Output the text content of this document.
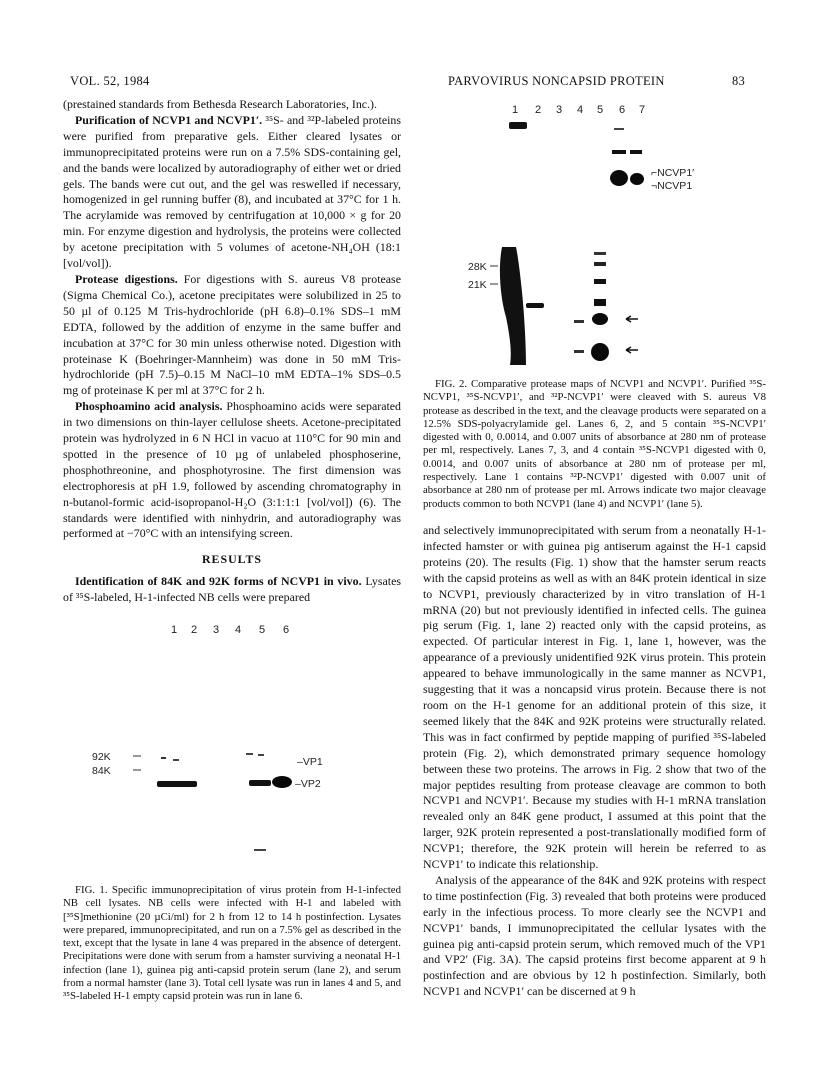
VOL. 52, 1984	PARVOVIRUS NONCAPSID PROTEIN	83

(prestained standards from Bethesda Research Laboratories, Inc.).

Purification of NCVP1 and NCVP1′. ³⁵S- and ³²P-labeled proteins were purified from preparative gels. Either cleared lysates or immunoprecipitated proteins were run on a 7.5% SDS-containing gel, and the bands were localized by autoradiography of either wet or dried gels. The bands were cut out, and the gel was reswelled if necessary, homogenized in gel running buffer (8), and incubated at 37°C for 1 h. The acrylamide was removed by centrifugation at 10,000 × g for 20 min. For enzyme digestion and hydrolysis, the proteins were collected by acetone precipitation with 5 volumes of acetone-NH₄OH (18:1 [vol/vol]).

Protease digestions. For digestions with S. aureus V8 protease (Sigma Chemical Co.), acetone precipitates were solubilized in 25 to 50 µl of 0.125 M Tris-hydrochloride (pH 6.8)–0.1% SDS–1 mM EDTA, followed by the addition of enzyme in the same buffer and incubation at 37°C for 30 min unless otherwise noted. Digestion with proteinase K (Boehringer-Mannheim) was done in 50 mM Tris-hydrochloride (pH 7.5)–0.15 M NaCl–10 mM EDTA–1% SDS–0.5 mg of proteinase K per ml at 37°C for 2 h.

Phosphoamino acid analysis. Phosphoamino acids were separated in two dimensions on thin-layer cellulose sheets. Acetone-precipitated protein was hydrolyzed in 6 N HCl in vacuo at 110°C for 90 min and spotted in the presence of 10 µg of unlabeled phosphoserine, phosphothreonine, and phosphotyrosine. The first dimension was electrophoresis at pH 1.9, followed by ascending chromatography in n-butanol-formic acid-isopropanol-H₂O (3:1:1:1 [vol/vol]) (6). The standards were identified with ninhydrin, and autoradiography was performed at −70°C with an intensifying screen.

RESULTS

Identification of 84K and 92K forms of NCVP1 in vivo. Lysates of ³⁵S-labeled, H-1-infected NB cells were prepared

1 2 3 4 5 6
92K
84K
–VP1
–VP2

FIG. 1. Specific immunoprecipitation of virus protein from H-1-infected NB cell lysates. NB cells were infected with H-1 and labeled with [³⁵S]methionine (20 µCi/ml) for 2 h from 12 to 14 h postinfection. Lysates were prepared, immunoprecipitated, and run on a 7.5% gel as described in the text, except that the lysate in lane 4 was prepared in the absence of detergent. Precipitations were done with serum from a hamster surviving a neonatal H-1 infection (lane 1), guinea pig anti-capsid protein serum (lane 2), and serum from a normal hamster (lane 3). Total cell lysate was run in lanes 4 and 5, and ³⁵S-labeled H-1 empty capsid protein was run in lane 6.

1 2 3 4 5 6 7
⌐NCVP1′
¬NCVP1
28K
21K

FIG. 2. Comparative protease maps of NCVP1 and NCVP1′. Purified ³⁵S-NCVP1, ³⁵S-NCVP1′, and ³²P-NCVP1′ were cleaved with S. aureus V8 protease as described in the text, and the cleavage products were separated on a 12.5% SDS-polyacrylamide gel. Lanes 6, 2, and 5 contain ³⁵S-NCVP1′ digested with 0, 0.0014, and 0.007 units of absorbance at 280 nm of protease per ml, respectively. Lanes 7, 3, and 4 contain ³⁵S-NCVP1 digested with 0, 0.0014, and 0.007 units of absorbance at 280 nm of protease per ml, respectively. Lane 1 contains ³²P-NCVP1′ digested with 0.007 unit of absorbance at 280 nm of protease per ml. Arrows indicate two major cleavage products common to both NCVP1 (lane 4) and NCVP1′ (lane 5).

and selectively immunoprecipitated with serum from a neonatally H-1-infected hamster or with guinea pig antiserum against the H-1 capsid proteins (20). The results (Fig. 1) show that the hamster serum reacts with the capsid proteins as well as with an 84K protein identical in size to NCVP1, previously characterized by in vitro translation of H-1 mRNA (20) but not previously identified in infected cells. The guinea pig serum (Fig. 1, lane 2) reacted only with the capsid proteins, as expected. Of particular interest in Fig. 1, lane 1, however, was the appearance of a previously unidentified 92K virus protein. This protein appeared to behave immunologically in the same manner as NCVP1, suggesting that it was a noncapsid virus protein. Because there is not room on the H-1 genome for an additional protein of this size, it seemed likely that the 84K and 92K proteins were structurally related. This was in fact confirmed by peptide mapping of purified ³⁵S-labeled protein (Fig. 2), which demonstrated primary sequence homology between these two proteins. The arrows in Fig. 2 show that two of the major peptides resulting from protease cleavage are common to both NCVP1 and NCVP1′. Because my studies with H-1 mRNA translation revealed only an 84K gene product, I assumed at this point that the larger, 92K protein represented a post-translationally modified form of NCVP1; therefore, the 92K protein will herein be referred to as NCVP1′ to indicate this relationship.

Analysis of the appearance of the 84K and 92K proteins with respect to time postinfection (Fig. 3) revealed that both proteins were produced early in the infectious process. To more clearly see the NCVP1 and NCVP1′ bands, I immunoprecipitated the cellular lysates with the guinea pig anti-capsid protein serum, which removed much of the VP1 and VP2′ (Fig. 3A). The capsid proteins first become apparent at 9 h postinfection and are obvious by 12 h postinfection. Similarly, both NCVP1 and NCVP1′ can be discerned at 9 h
